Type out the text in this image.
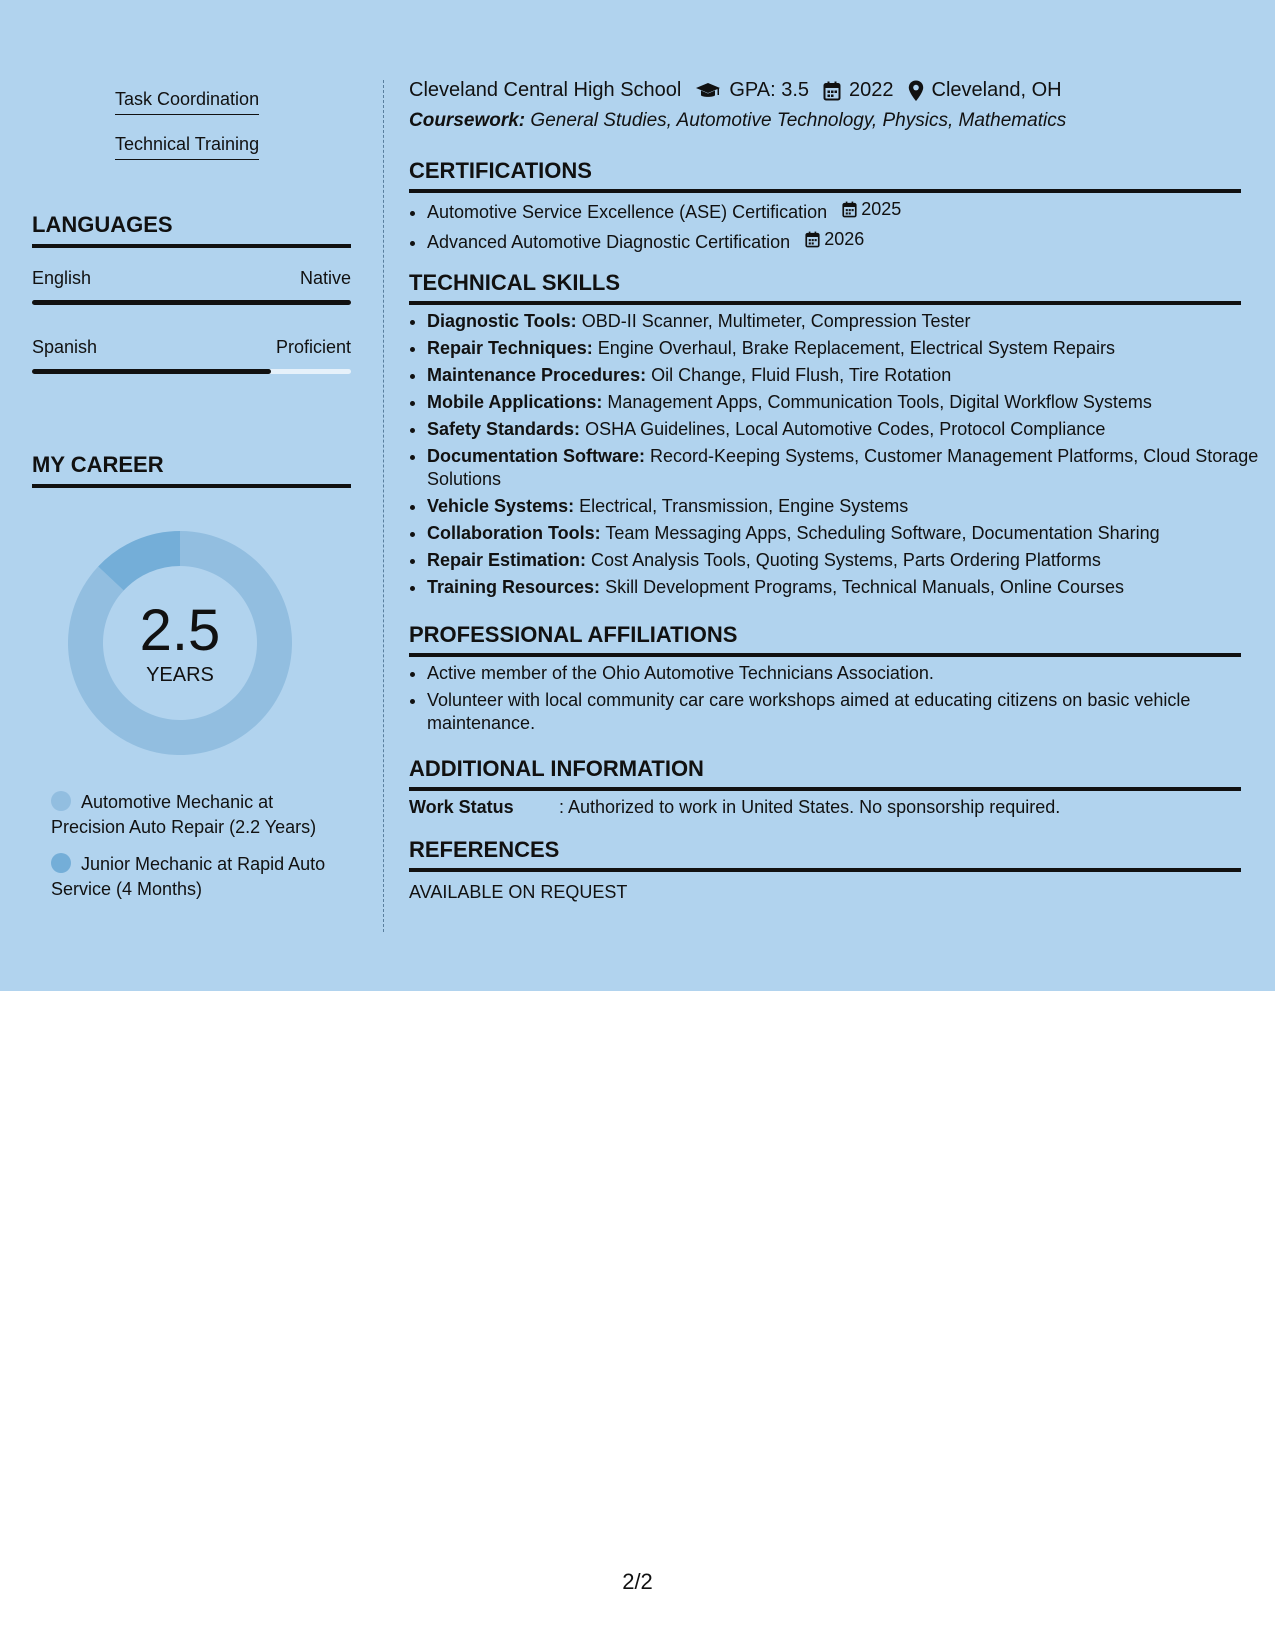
Task Coordination
Technical Training
LANGUAGES
English	Native
Spanish	Proficient
MY CAREER
2.5
YEARS
Automotive Mechanic at Precision Auto Repair (2.2 Years)
Junior Mechanic at Rapid Auto Service (4 Months)
Cleveland Central High School GPA: 3.5 2022 Cleveland, OH
Coursework: General Studies, Automotive Technology, Physics, Mathematics
CERTIFICATIONS
• Automotive Service Excellence (ASE) Certification 2025
• Advanced Automotive Diagnostic Certification 2026
TECHNICAL SKILLS
• Diagnostic Tools: OBD-II Scanner, Multimeter, Compression Tester
• Repair Techniques: Engine Overhaul, Brake Replacement, Electrical System Repairs
• Maintenance Procedures: Oil Change, Fluid Flush, Tire Rotation
• Mobile Applications: Management Apps, Communication Tools, Digital Workflow Systems
• Safety Standards: OSHA Guidelines, Local Automotive Codes, Protocol Compliance
• Documentation Software: Record-Keeping Systems, Customer Management Platforms, Cloud Storage Solutions
• Vehicle Systems: Electrical, Transmission, Engine Systems
• Collaboration Tools: Team Messaging Apps, Scheduling Software, Documentation Sharing
• Repair Estimation: Cost Analysis Tools, Quoting Systems, Parts Ordering Platforms
• Training Resources: Skill Development Programs, Technical Manuals, Online Courses
PROFESSIONAL AFFILIATIONS
• Active member of the Ohio Automotive Technicians Association.
• Volunteer with local community car care workshops aimed at educating citizens on basic vehicle maintenance.
ADDITIONAL INFORMATION
Work Status	: Authorized to work in United States. No sponsorship required.
REFERENCES
AVAILABLE ON REQUEST
2/2
